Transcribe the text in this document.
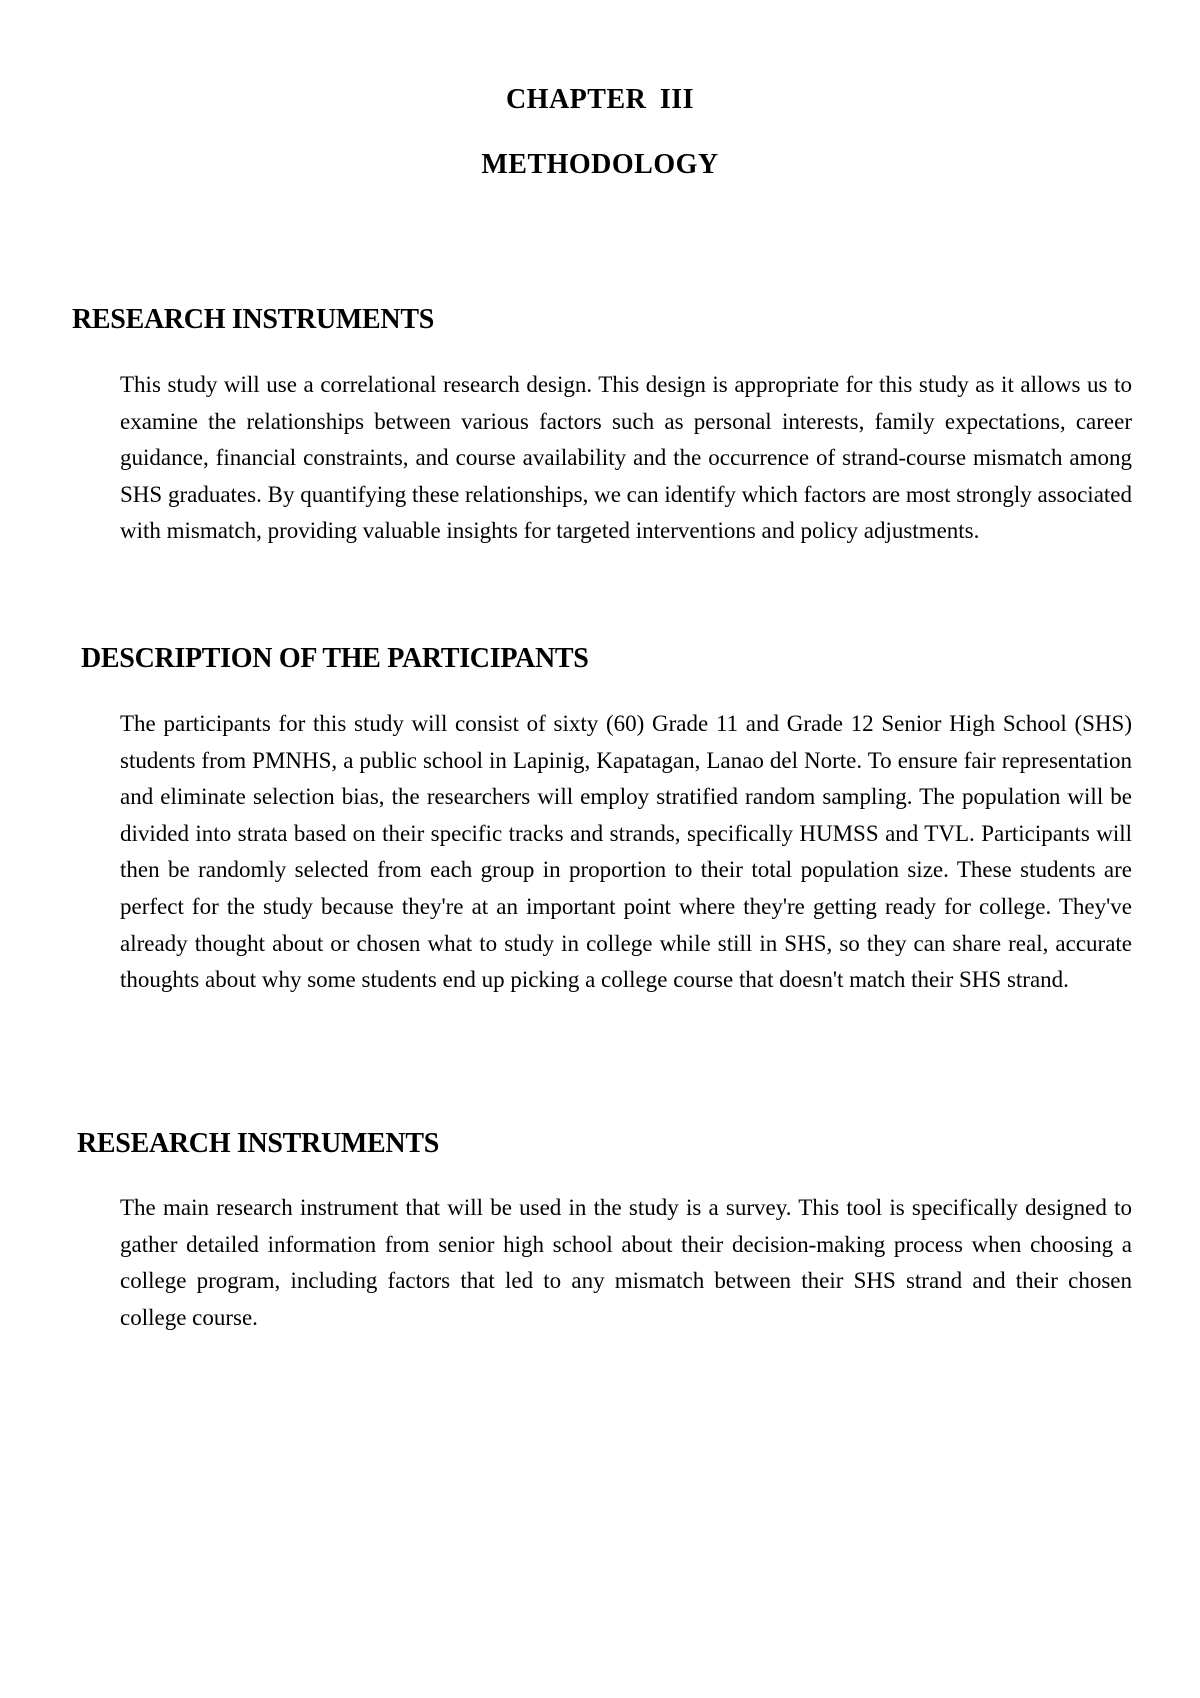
CHAPTER III
METHODOLOGY
RESEARCH INSTRUMENTS

This study will use a correlational research design. This design is appropriate for this study as it allows us to examine the relationships between various factors such as personal interests, family expectations, career guidance, financial constraints, and course availability and the occurrence of strand-course mismatch among SHS graduates. By quantifying these relationships, we can identify which factors are most strongly associated with mismatch, providing valuable insights for targeted interventions and policy adjustments.

DESCRIPTION OF THE PARTICIPANTS

The participants for this study will consist of sixty (60) Grade 11 and Grade 12 Senior High School (SHS) students from PMNHS, a public school in Lapinig, Kapatagan, Lanao del Norte. To ensure fair representation and eliminate selection bias, the researchers will employ stratified random sampling. The population will be divided into strata based on their specific tracks and strands, specifically HUMSS and TVL. Participants will then be randomly selected from each group in proportion to their total population size. These students are perfect for the study because they're at an important point where they're getting ready for college. They've already thought about or chosen what to study in college while still in SHS, so they can share real, accurate thoughts about why some students end up picking a college course that doesn't match their SHS strand.

RESEARCH INSTRUMENTS

The main research instrument that will be used in the study is a survey. This tool is specifically designed to gather detailed information from senior high school about their decision-making process when choosing a college program, including factors that led to any mismatch between their SHS strand and their chosen college course.
